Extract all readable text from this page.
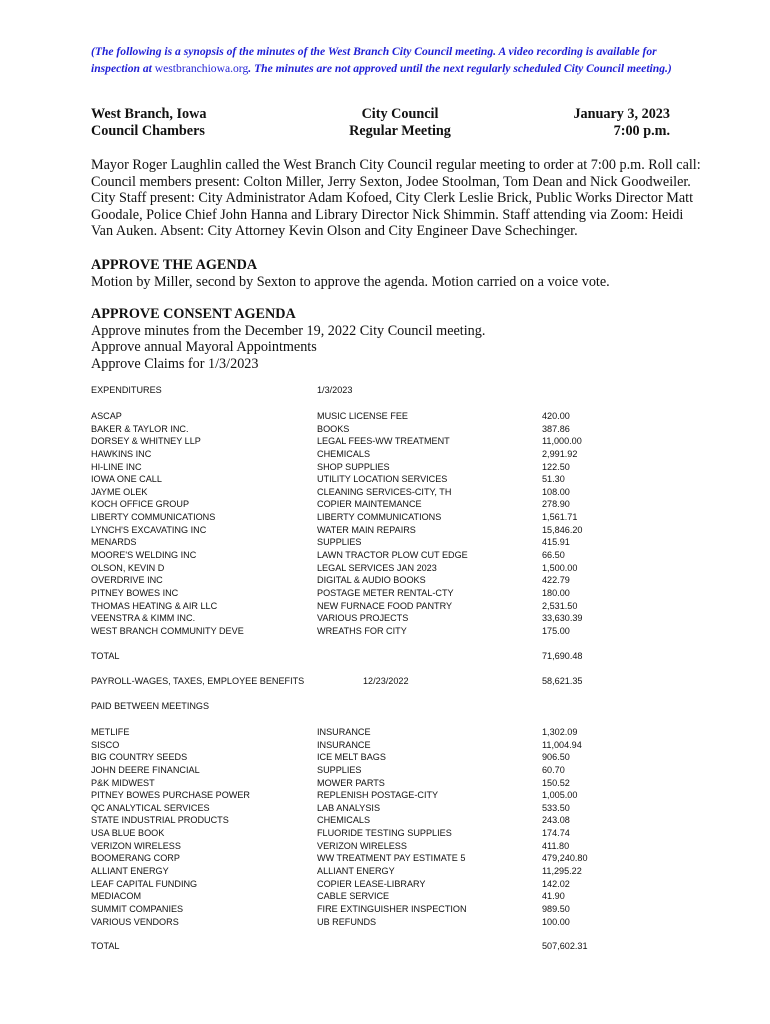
(The following is a synopsis of the minutes of the West Branch City Council meeting. A video recording is available for inspection at westbranchiowa.org. The minutes are not approved until the next regularly scheduled City Council meeting.)
West Branch, Iowa
Council Chambers
City Council
Regular Meeting
January 3, 2023
7:00 p.m.
Mayor Roger Laughlin called the West Branch City Council regular meeting to order at 7:00 p.m. Roll call: Council members present: Colton Miller, Jerry Sexton, Jodee Stoolman, Tom Dean and Nick Goodweiler. City Staff present: City Administrator Adam Kofoed, City Clerk Leslie Brick, Public Works Director Matt Goodale, Police Chief John Hanna and Library Director Nick Shimmin. Staff attending via Zoom: Heidi Van Auken. Absent: City Attorney Kevin Olson and City Engineer Dave Schechinger.
APPROVE THE AGENDA
Motion by Miller, second by Sexton to approve the agenda. Motion carried on a voice vote.
APPROVE CONSENT AGENDA
Approve minutes from the December 19, 2022 City Council meeting.
Approve annual Mayoral Appointments
Approve Claims for 1/3/2023
EXPENDITURES	1/3/2023
ASCAP	MUSIC LICENSE FEE	420.00
BAKER & TAYLOR INC.	BOOKS	387.86
DORSEY & WHITNEY LLP	LEGAL FEES-WW TREATMENT	11,000.00
HAWKINS INC	CHEMICALS	2,991.92
HI-LINE INC	SHOP SUPPLIES	122.50
IOWA ONE CALL	UTILITY LOCATION SERVICES	51.30
JAYME OLEK	CLEANING SERVICES-CITY, TH	108.00
KOCH OFFICE GROUP	COPIER MAINTEMANCE	278.90
LIBERTY COMMUNICATIONS	LIBERTY COMMUNICATIONS	1,561.71
LYNCH'S EXCAVATING INC	WATER MAIN REPAIRS	15,846.20
MENARDS	SUPPLIES	415.91
MOORE'S WELDING INC	LAWN TRACTOR PLOW CUT EDGE	66.50
OLSON, KEVIN D	LEGAL SERVICES JAN 2023	1,500.00
OVERDRIVE INC	DIGITAL & AUDIO BOOKS	422.79
PITNEY BOWES INC	POSTAGE METER RENTAL-CTY	180.00
THOMAS HEATING & AIR LLC	NEW FURNACE FOOD PANTRY	2,531.50
VEENSTRA & KIMM INC.	VARIOUS PROJECTS	33,630.39
WEST BRANCH COMMUNITY DEVE	WREATHS FOR CITY	175.00
TOTAL	71,690.48
PAYROLL-WAGES, TAXES, EMPLOYEE BENEFITS	12/23/2022	58,621.35
PAID BETWEEN MEETINGS
METLIFE	INSURANCE	1,302.09
SISCO	INSURANCE	11,004.94
BIG COUNTRY SEEDS	ICE MELT BAGS	906.50
JOHN DEERE FINANCIAL	SUPPLIES	60.70
P&K MIDWEST	MOWER PARTS	150.52
PITNEY BOWES PURCHASE POWER	REPLENISH POSTAGE-CITY	1,005.00
QC ANALYTICAL SERVICES	LAB ANALYSIS	533.50
STATE INDUSTRIAL PRODUCTS	CHEMICALS	243.08
USA BLUE BOOK	FLUORIDE TESTING SUPPLIES	174.74
VERIZON WIRELESS	VERIZON WIRELESS	411.80
BOOMERANG CORP	WW TREATMENT PAY ESTIMATE 5	479,240.80
ALLIANT ENERGY	ALLIANT ENERGY	11,295.22
LEAF CAPITAL FUNDING	COPIER LEASE-LIBRARY	142.02
MEDIACOM	CABLE SERVICE	41.90
SUMMIT COMPANIES	FIRE EXTINGUISHER INSPECTION	989.50
VARIOUS VENDORS	UB REFUNDS	100.00
TOTAL	507,602.31
